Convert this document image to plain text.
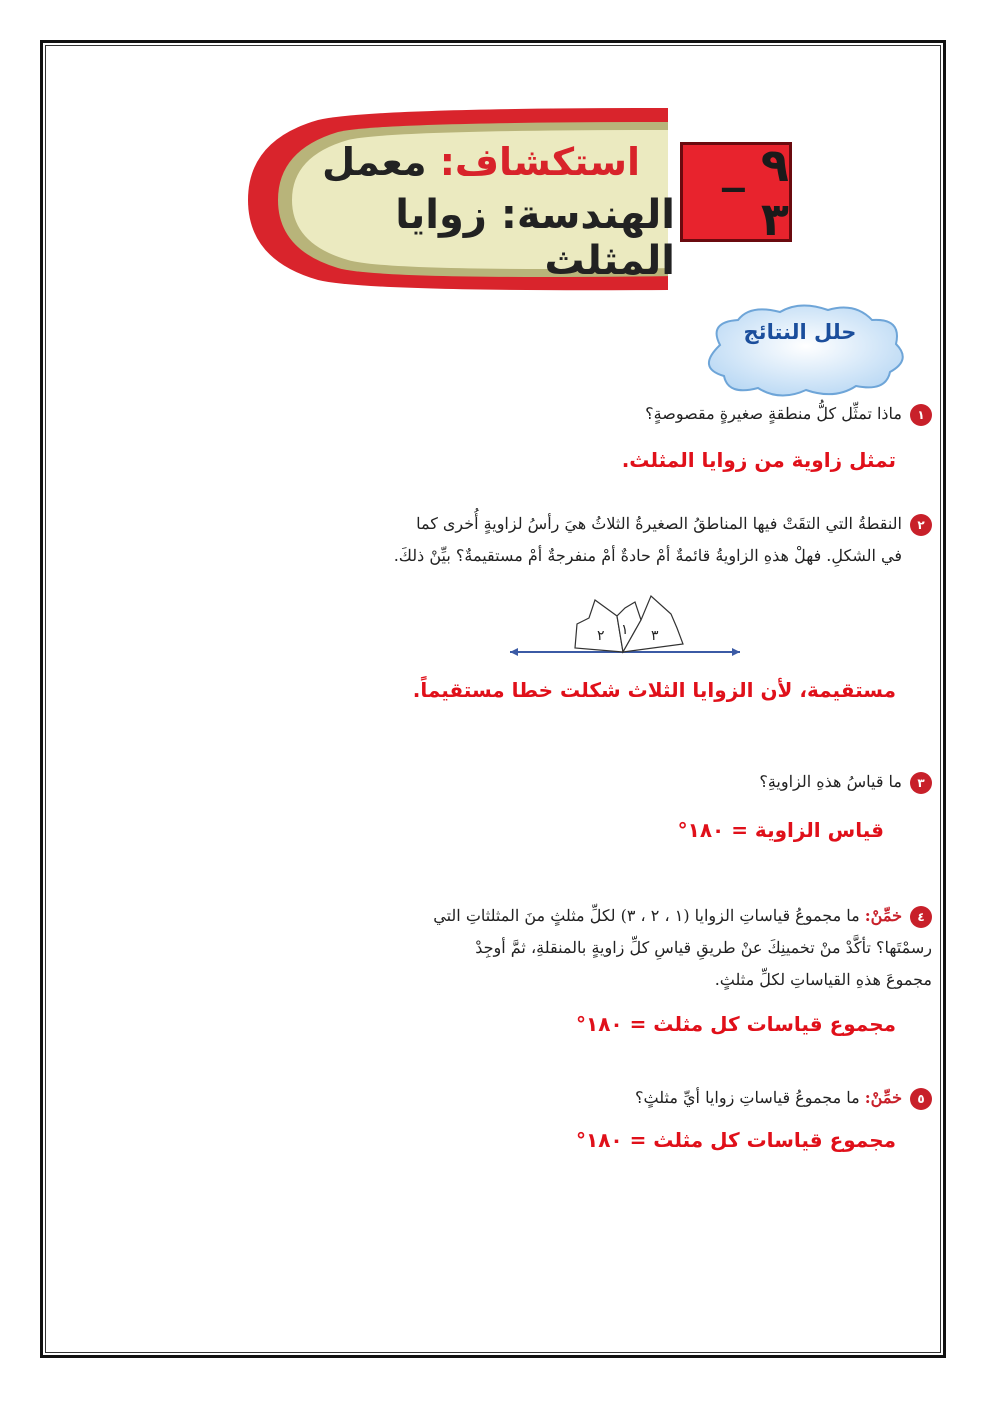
٩ _ ٣
استكشاف: معمل
الهندسة: زوايا المثلث
حلل النتائج
١ماذا تمثِّل كلُّ منطقةٍ صغيرةٍ مقصوصةٍ؟
تمثل زاوية من زوايا المثلث.
٢النقطةُ التي التقَتْ فيها المناطقُ الصغيرةُ الثلاثُ هيَ رأسُ لزاويةٍ أُخرى كما
في الشكلِ. فهلْ هذهِ الزاويةُ قائمةٌ أمْ حادةٌ أمْ منفرجةٌ أمْ مستقيمةٌ؟ بيِّنْ ذلكَ.
٢ ١ ٣
مستقيمة، لأن الزوايا الثلاث شكلت خطا مستقيماً.
٣ما قياسُ هذهِ الزاويةِ؟
قياس الزاوية = ١٨٠°
٤خمِّنْ: ما مجموعُ قياساتِ الزوايا (١ ، ٢ ، ٣) لكلِّ مثلثٍ منَ المثلثاتِ التي
رسمْتَها؟ تأكَّدْ منْ تخمينِكَ عنْ طريقِ قياسِ كلِّ زاويةٍ بالمنقلةِ، ثمَّ أوجِدْ
مجموعَ هذهِ القياساتِ لكلِّ مثلثٍ.
مجموع قياسات كل مثلث = ١٨٠°
٥خمِّنْ: ما مجموعُ قياساتِ زوايا أيِّ مثلثٍ؟
مجموع قياسات كل مثلث = ١٨٠°
